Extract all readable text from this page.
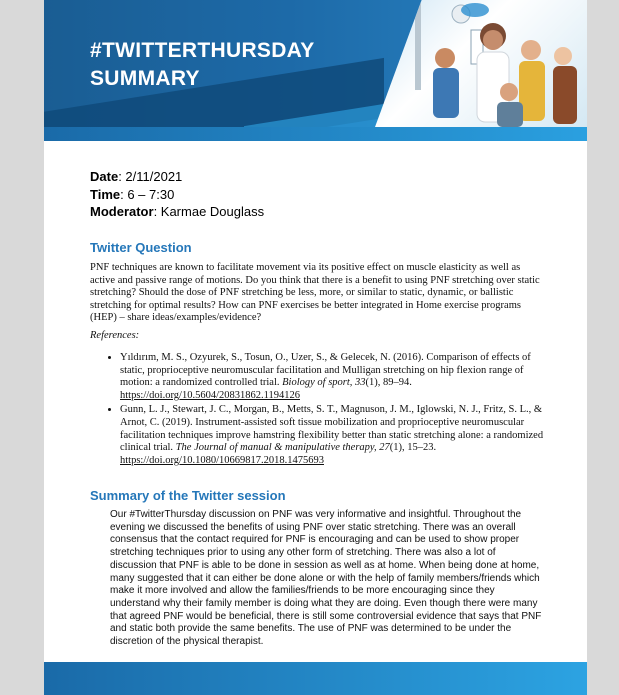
#TWITTERTHURSDAY
SUMMARY
Date: 2/11/2021
Time: 6 – 7:30
Moderator: Karmae Douglass
Twitter Question
PNF techniques are known to facilitate movement via its positive effect on muscle elasticity as well as active and passive range of motions. Do you think that there is a benefit to using PNF stretching over static stretching? Should the dose of PNF stretching be less, more, or similar to static, dynamic, or ballistic stretching for optimal results? How can PNF exercises be better integrated in Home exercise programs (HEP) – share ideas/examples/evidence?
References:
• Yıldırım, M. S., Ozyurek, S., Tosun, O., Uzer, S., & Gelecek, N. (2016). Comparison of effects of static, proprioceptive neuromuscular facilitation and Mulligan stretching on hip flexion range of motion: a randomized controlled trial. Biology of sport, 33(1), 89–94. https://doi.org/10.5604/20831862.1194126
• Gunn, L. J., Stewart, J. C., Morgan, B., Metts, S. T., Magnuson, J. M., Iglowski, N. J., Fritz, S. L., & Arnot, C. (2019). Instrument-assisted soft tissue mobilization and proprioceptive neuromuscular facilitation techniques improve hamstring flexibility better than static stretching alone: a randomized clinical trial. The Journal of manual & manipulative therapy, 27(1), 15–23. https://doi.org/10.1080/10669817.2018.1475693
Summary of the Twitter session
Our #TwitterThursday discussion on PNF was very informative and insightful. Throughout the evening we discussed the benefits of using PNF over static stretching. There was an overall consensus that the contact required for PNF is encouraging and can be used to show proper stretching techniques prior to using any other form of stretching. There was also a lot of discussion that PNF is able to be done in session as well as at home. When being done at home, many suggested that it can either be done alone or with the help of family members/friends which make it more involved and allow the families/friends to be more encouraging since they understand why their family member is doing what they are doing. Even though there were many that agreed PNF would be beneficial, there is still some controversial evidence that says that PNF and static both provide the same benefits. The use of PNF was determined to be under the discretion of the physical therapist.
